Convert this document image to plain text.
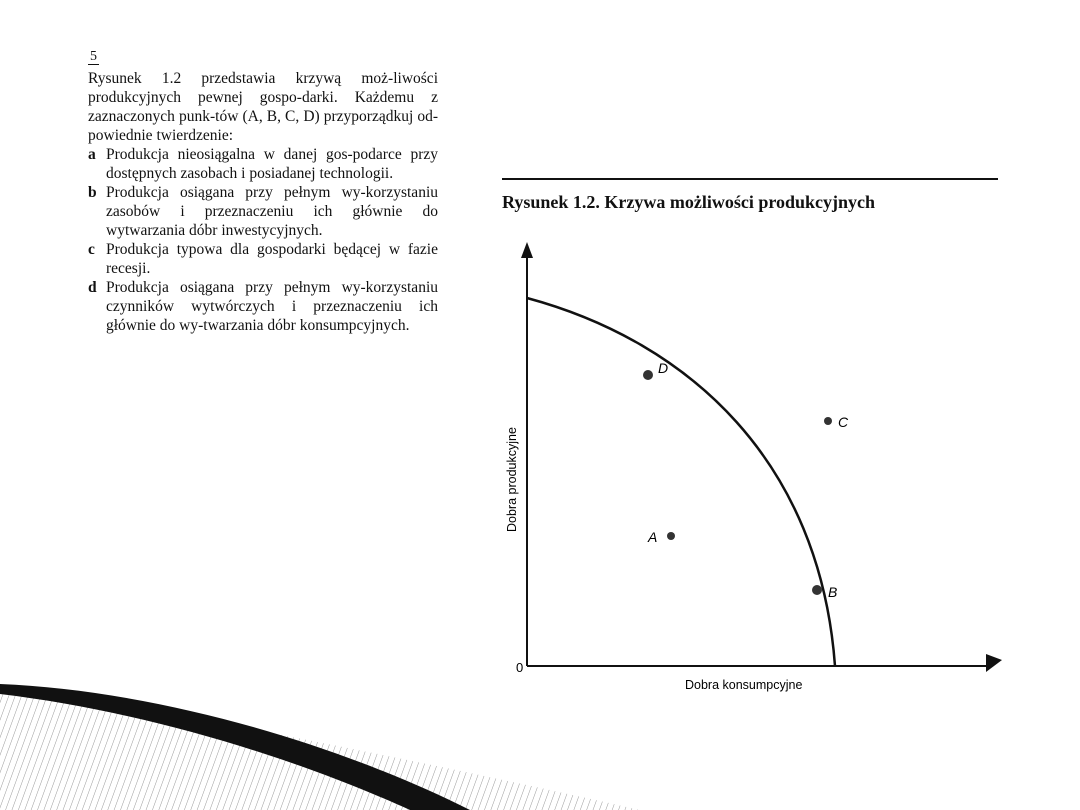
5

Rysunek 1.2 przedstawia krzywą moż-liwości produkcyjnych pewnej gospo-darki. Każdemu z zaznaczonych punk-tów (A, B, C, D) przyporządkuj od-powiednie twierdzenie:

a Produkcja nieosiągalna w danej gos-podarce przy dostępnych zasobach i posiadanej technologii.
b Produkcja osiągana przy pełnym wy-korzystaniu zasobów i przeznaczeniu ich głównie do wytwarzania dóbr inwestycyjnych.
c Produkcja typowa dla gospodarki będącej w fazie recesji.
d Produkcja osiągana przy pełnym wy-korzystaniu czynników wytwórczych i przeznaczeniu ich głównie do wy-twarzania dóbr konsumpcyjnych.
Rysunek 1.2. Krzywa możliwości produkcyjnych
D
C
A
B
0
Dobra konsumpcyjne
Dobra produkcyjne
